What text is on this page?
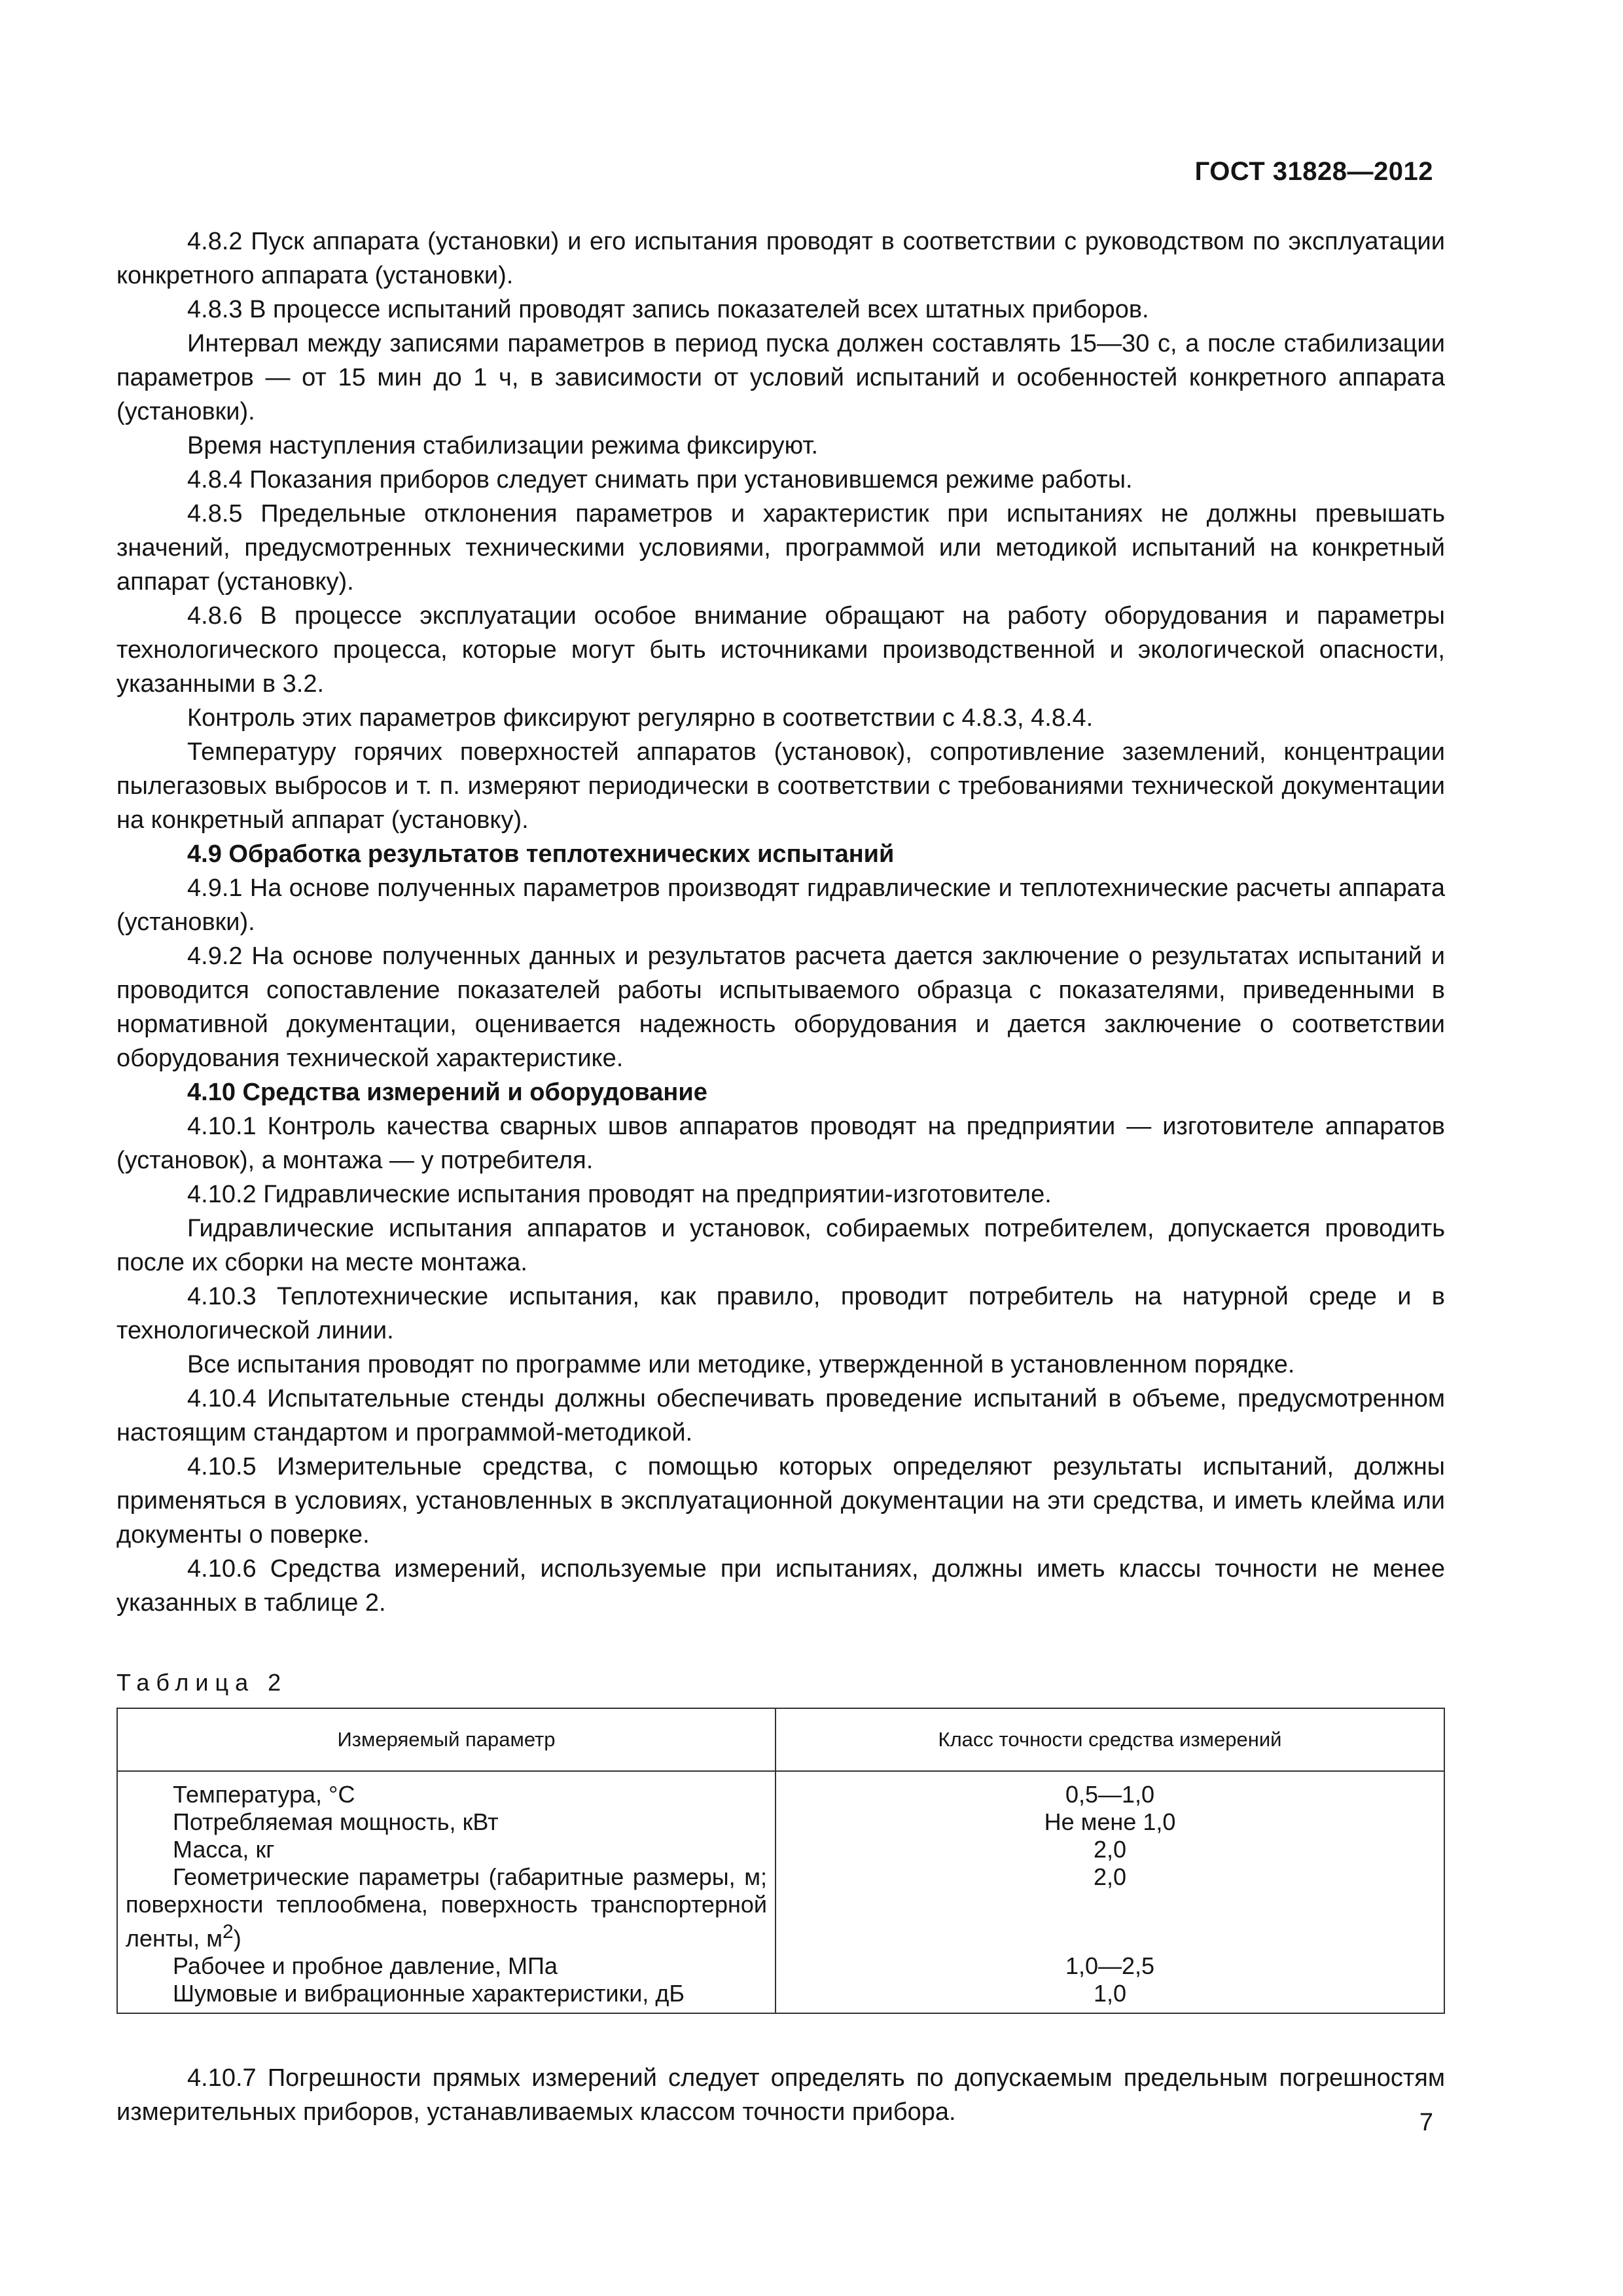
ГОСТ 31828—2012

4.8.2 Пуск аппарата (установки) и его испытания проводят в соответствии с руководством по эксплуатации конкретного аппарата (установки).

4.8.3 В процессе испытаний проводят запись показателей всех штатных приборов.

Интервал между записями параметров в период пуска должен составлять 15—30 с, а после стабилизации параметров — от 15 мин до 1 ч, в зависимости от условий испытаний и особенностей конкретного аппарата (установки).

Время наступления стабилизации режима фиксируют.

4.8.4 Показания приборов следует снимать при установившемся режиме работы.

4.8.5 Предельные отклонения параметров и характеристик при испытаниях не должны превышать значений, предусмотренных техническими условиями, программой или методикой испытаний на конкретный аппарат (установку).

4.8.6 В процессе эксплуатации особое внимание обращают на работу оборудования и параметры технологического процесса, которые могут быть источниками производственной и экологической опасности, указанными в 3.2.

Контроль этих параметров фиксируют регулярно в соответствии с 4.8.3, 4.8.4.

Температуру горячих поверхностей аппаратов (установок), сопротивление заземлений, концентрации пылегазовых выбросов и т. п. измеряют периодически в соответствии с требованиями технической документации на конкретный аппарат (установку).

4.9 Обработка результатов теплотехнических испытаний

4.9.1 На основе полученных параметров производят гидравлические и теплотехнические расчеты аппарата (установки).

4.9.2 На основе полученных данных и результатов расчета дается заключение о результатах испытаний и проводится сопоставление показателей работы испытываемого образца с показателями, приведенными в нормативной документации, оценивается надежность оборудования и дается заключение о соответствии оборудования технической характеристике.

4.10 Средства измерений и оборудование

4.10.1 Контроль качества сварных швов аппаратов проводят на предприятии — изготовителе аппаратов (установок), а монтажа — у потребителя.

4.10.2 Гидравлические испытания проводят на предприятии-изготовителе.

Гидравлические испытания аппаратов и установок, собираемых потребителем, допускается проводить после их сборки на месте монтажа.

4.10.3 Теплотехнические испытания, как правило, проводит потребитель на натурной среде и в технологической линии.

Все испытания проводят по программе или методике, утвержденной в установленном порядке.

4.10.4 Испытательные стенды должны обеспечивать проведение испытаний в объеме, предусмотренном настоящим стандартом и программой-методикой.

4.10.5 Измерительные средства, с помощью которых определяют результаты испытаний, должны применяться в условиях, установленных в эксплуатационной документации на эти средства, и иметь клейма или документы о поверке.

4.10.6 Средства измерений, используемые при испытаниях, должны иметь классы точности не менее указанных в таблице 2.

Таблица 2
Измеряемый параметр	Класс точности средства измерений

Температура, °C	0,5—1,0

Потребляемая мощность, кВт	Не мене 1,0

Масса, кг	2,0

Геометрические параметры (габаритные размеры, м; поверхности теплообмена, поверхность транспортерной ленты, $м^2$)	2,0

Рабочее и пробное давление, МПа	1,0—2,5

Шумовые и вибрационные характеристики, дБ	1,0

4.10.7 Погрешности прямых измерений следует определять по допускаемым предельным погрешностям измерительных приборов, устанавливаемых классом точности прибора.	7
